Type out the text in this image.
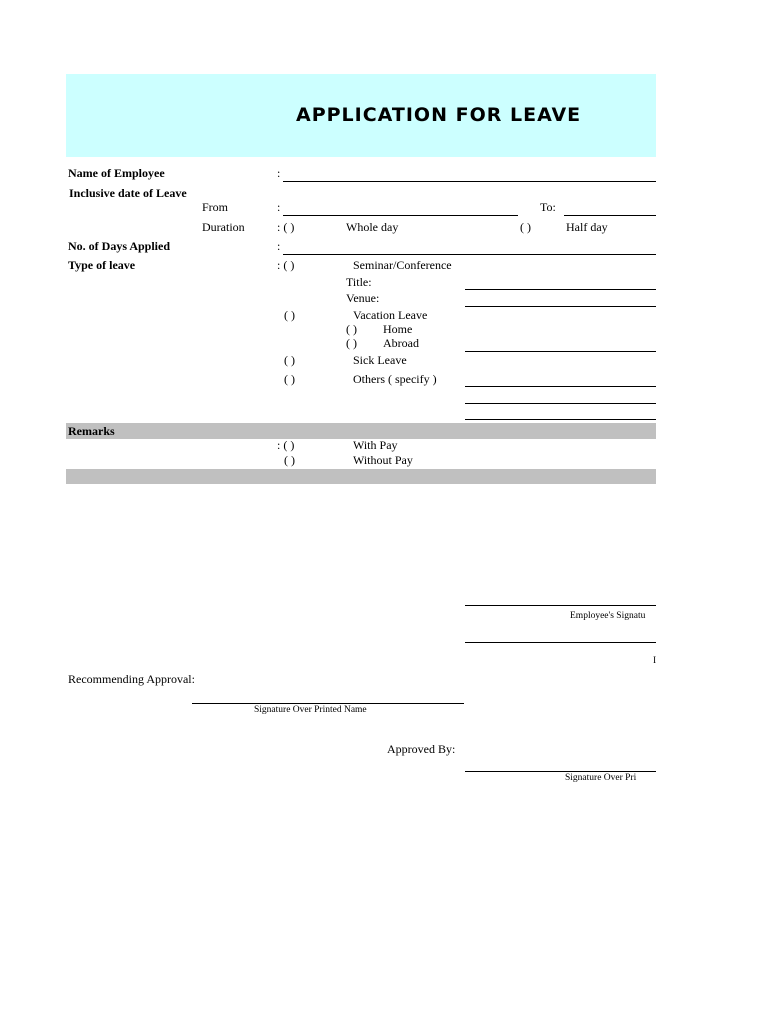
APPLICATION FOR LEAVE
Name of Employee	:
Inclusive date of Leave
From	:	To:
Duration	: ( )	Whole day	( )	Half day
No. of Days Applied	:
Type of leave	: ( )	Seminar/Conference
Title:
Venue:
( )	Vacation Leave
( ) Home
( ) Abroad
( )	Sick Leave
( )	Others ( specify )
Remarks
: ( )	With Pay
( )	Without Pay
Employee's Signatu
I
Recommending Approval:
Signature Over Printed Name
Approved By:
Signature Over Pri
